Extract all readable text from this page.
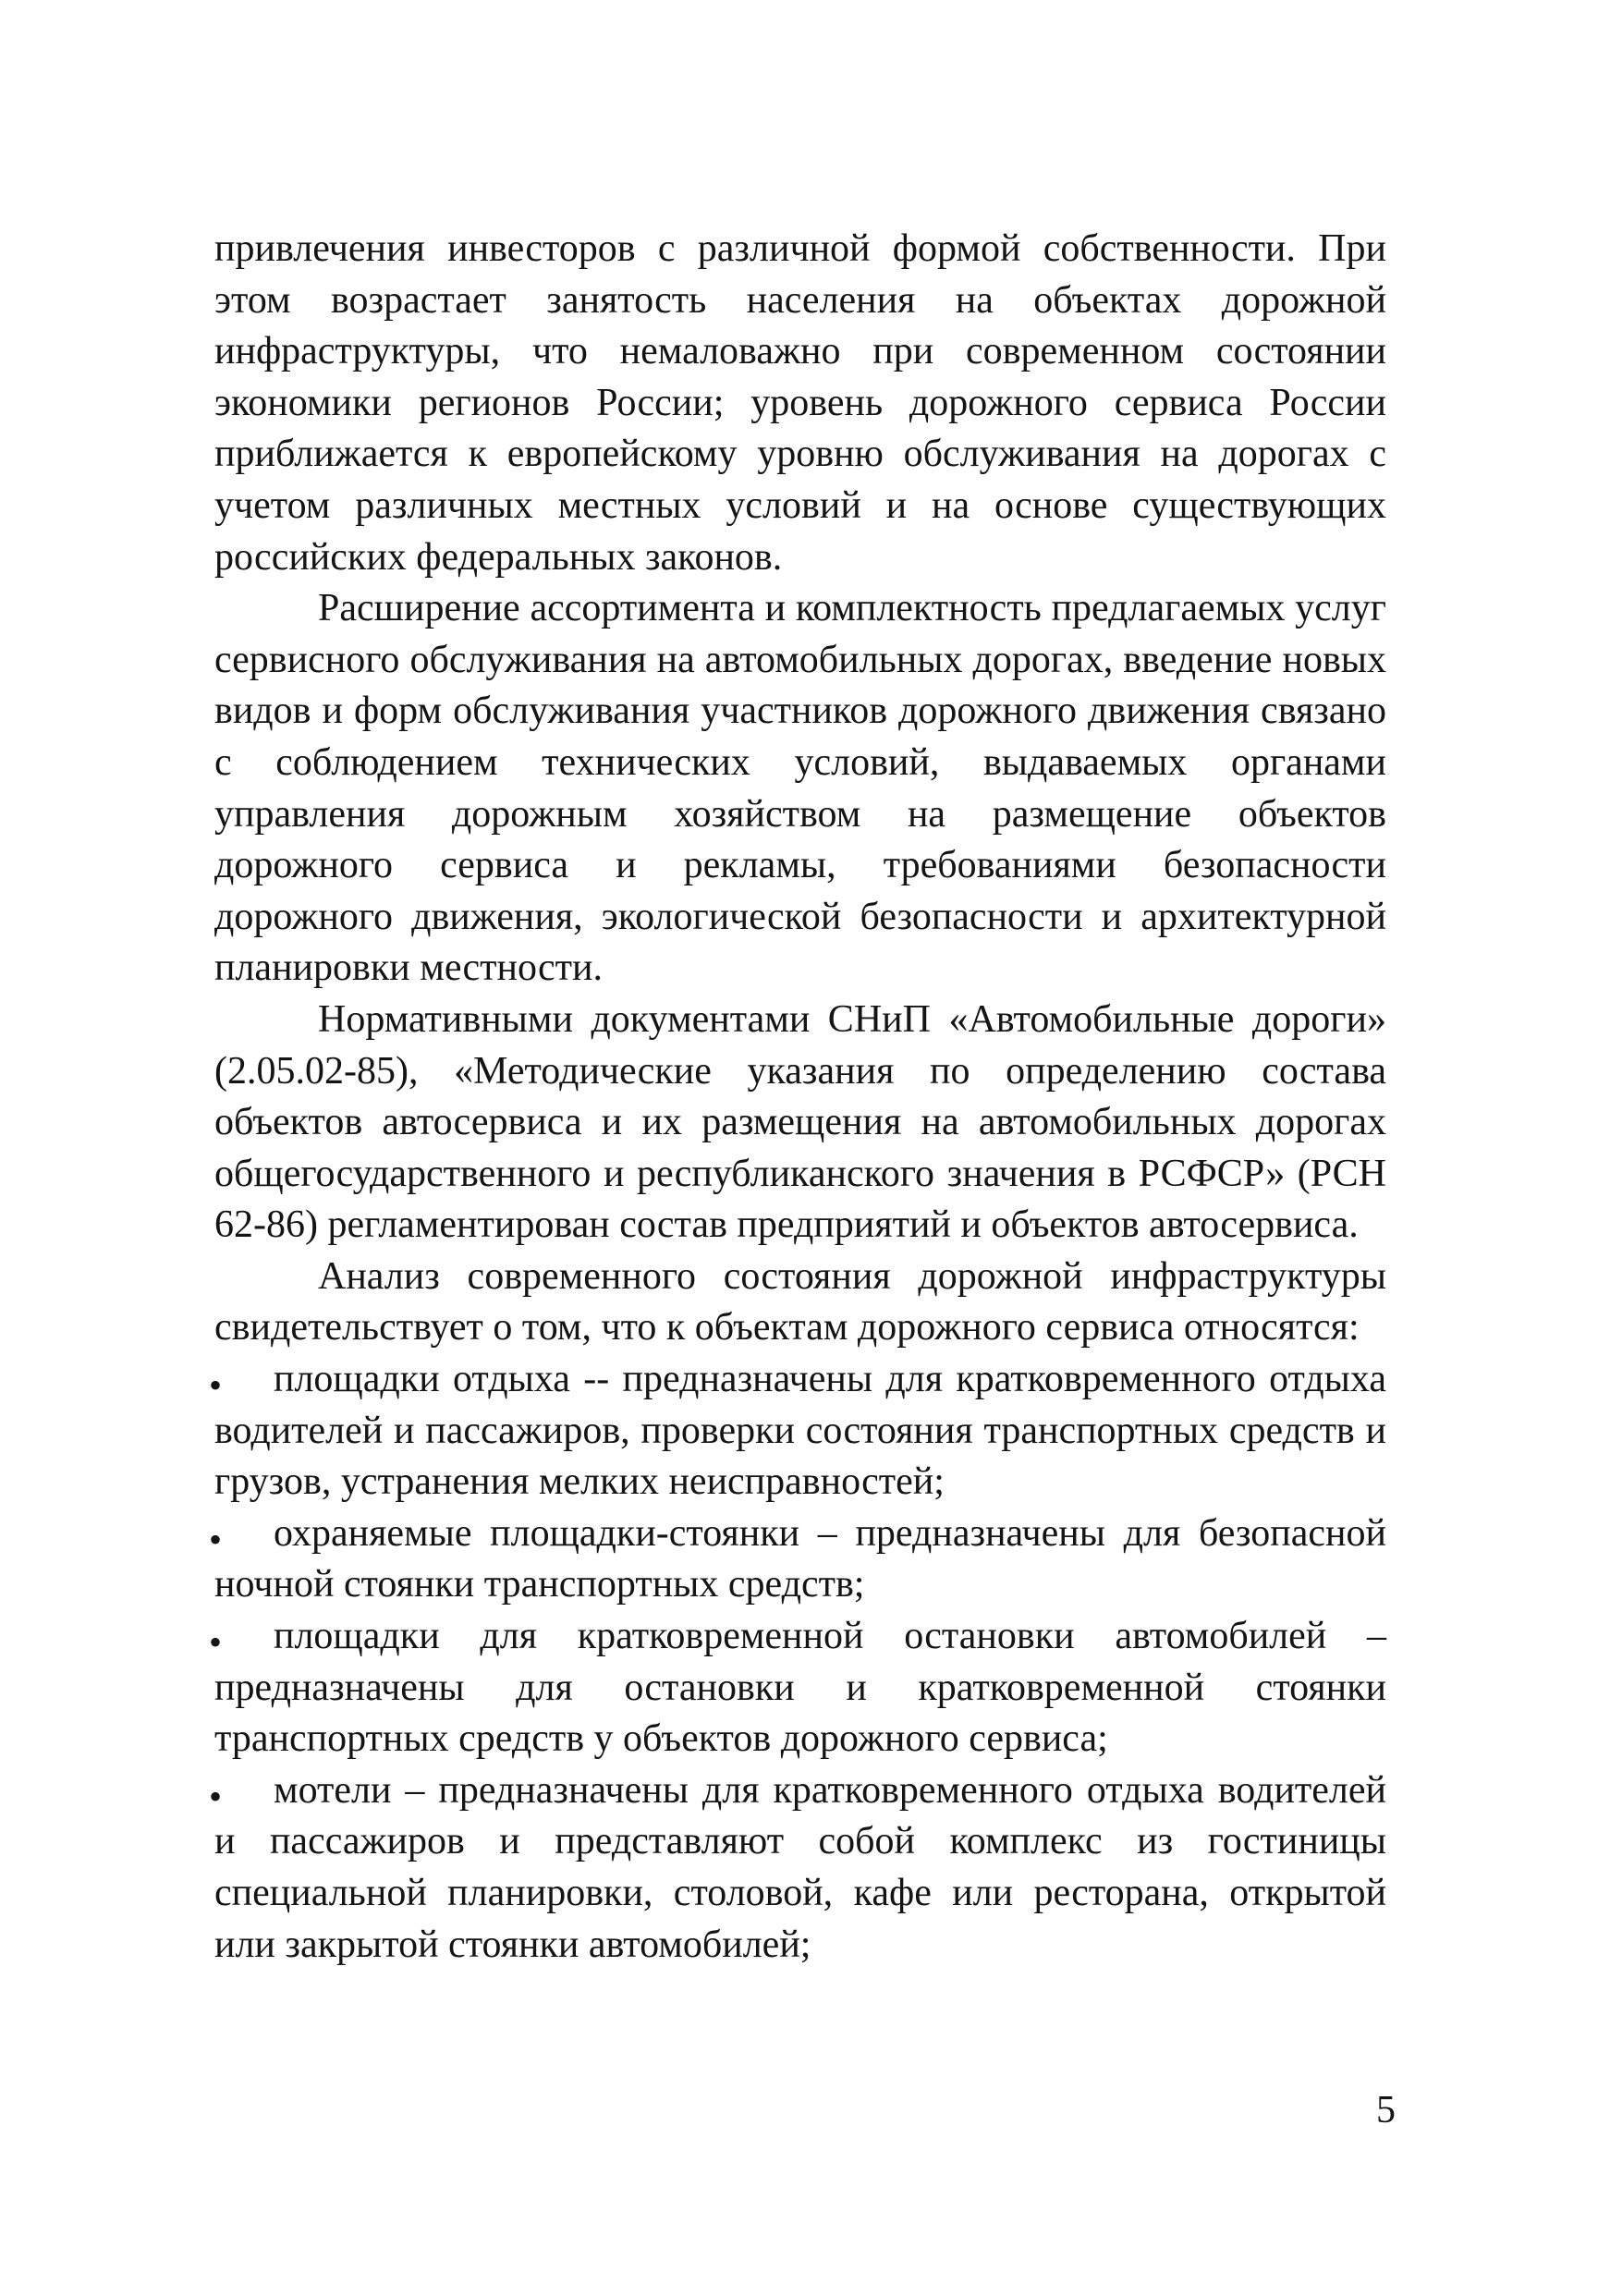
привлечения инвесторов с различной формой собственности. При этом возрастает занятость населения на объектах дорожной инфраструктуры, что немаловажно при современном состоянии экономики регионов России; уровень дорожного сервиса России приближается к европейскому уровню обслуживания на дорогах с учетом различных местных условий и на основе существующих российских федеральных законов.

Расширение ассортимента и комплектность предлагаемых услуг сервисного обслуживания на автомобильных дорогах, введение новых видов и форм обслуживания участников дорожного движения связано с соблюдением технических условий, выдаваемых органами управления дорожным хозяйством на размещение объектов дорожного сервиса и рекламы, требованиями безопасности дорожного движения, экологической безопасности и архитектурной планировки местности.

Нормативными документами СНиП «Автомобильные дороги» (2.05.02-85), «Методические указания по определению состава объектов автосервиса и их размещения на автомобильных дорогах общегосударственного и республиканского значения в РСФСР» (РСН 62-86) регламентирован состав предприятий и объектов автосервиса.

Анализ современного состояния дорожной инфраструктуры свидетельствует о том, что к объектам дорожного сервиса относятся:

• площадки отдыха -- предназначены для кратковременного отдыха водителей и пассажиров, проверки состояния транспортных средств и грузов, устранения мелких неисправностей;

• охраняемые площадки-стоянки – предназначены для безопасной ночной стоянки транспортных средств;

• площадки для кратковременной остановки автомобилей – предназначены для остановки и кратковременной стоянки транспортных средств у объектов дорожного сервиса;

• мотели – предназначены для кратковременного отдыха водителей и пассажиров и представляют собой комплекс из гостиницы специальной планировки, столовой, кафе или ресторана, открытой или закрытой стоянки автомобилей;

5
